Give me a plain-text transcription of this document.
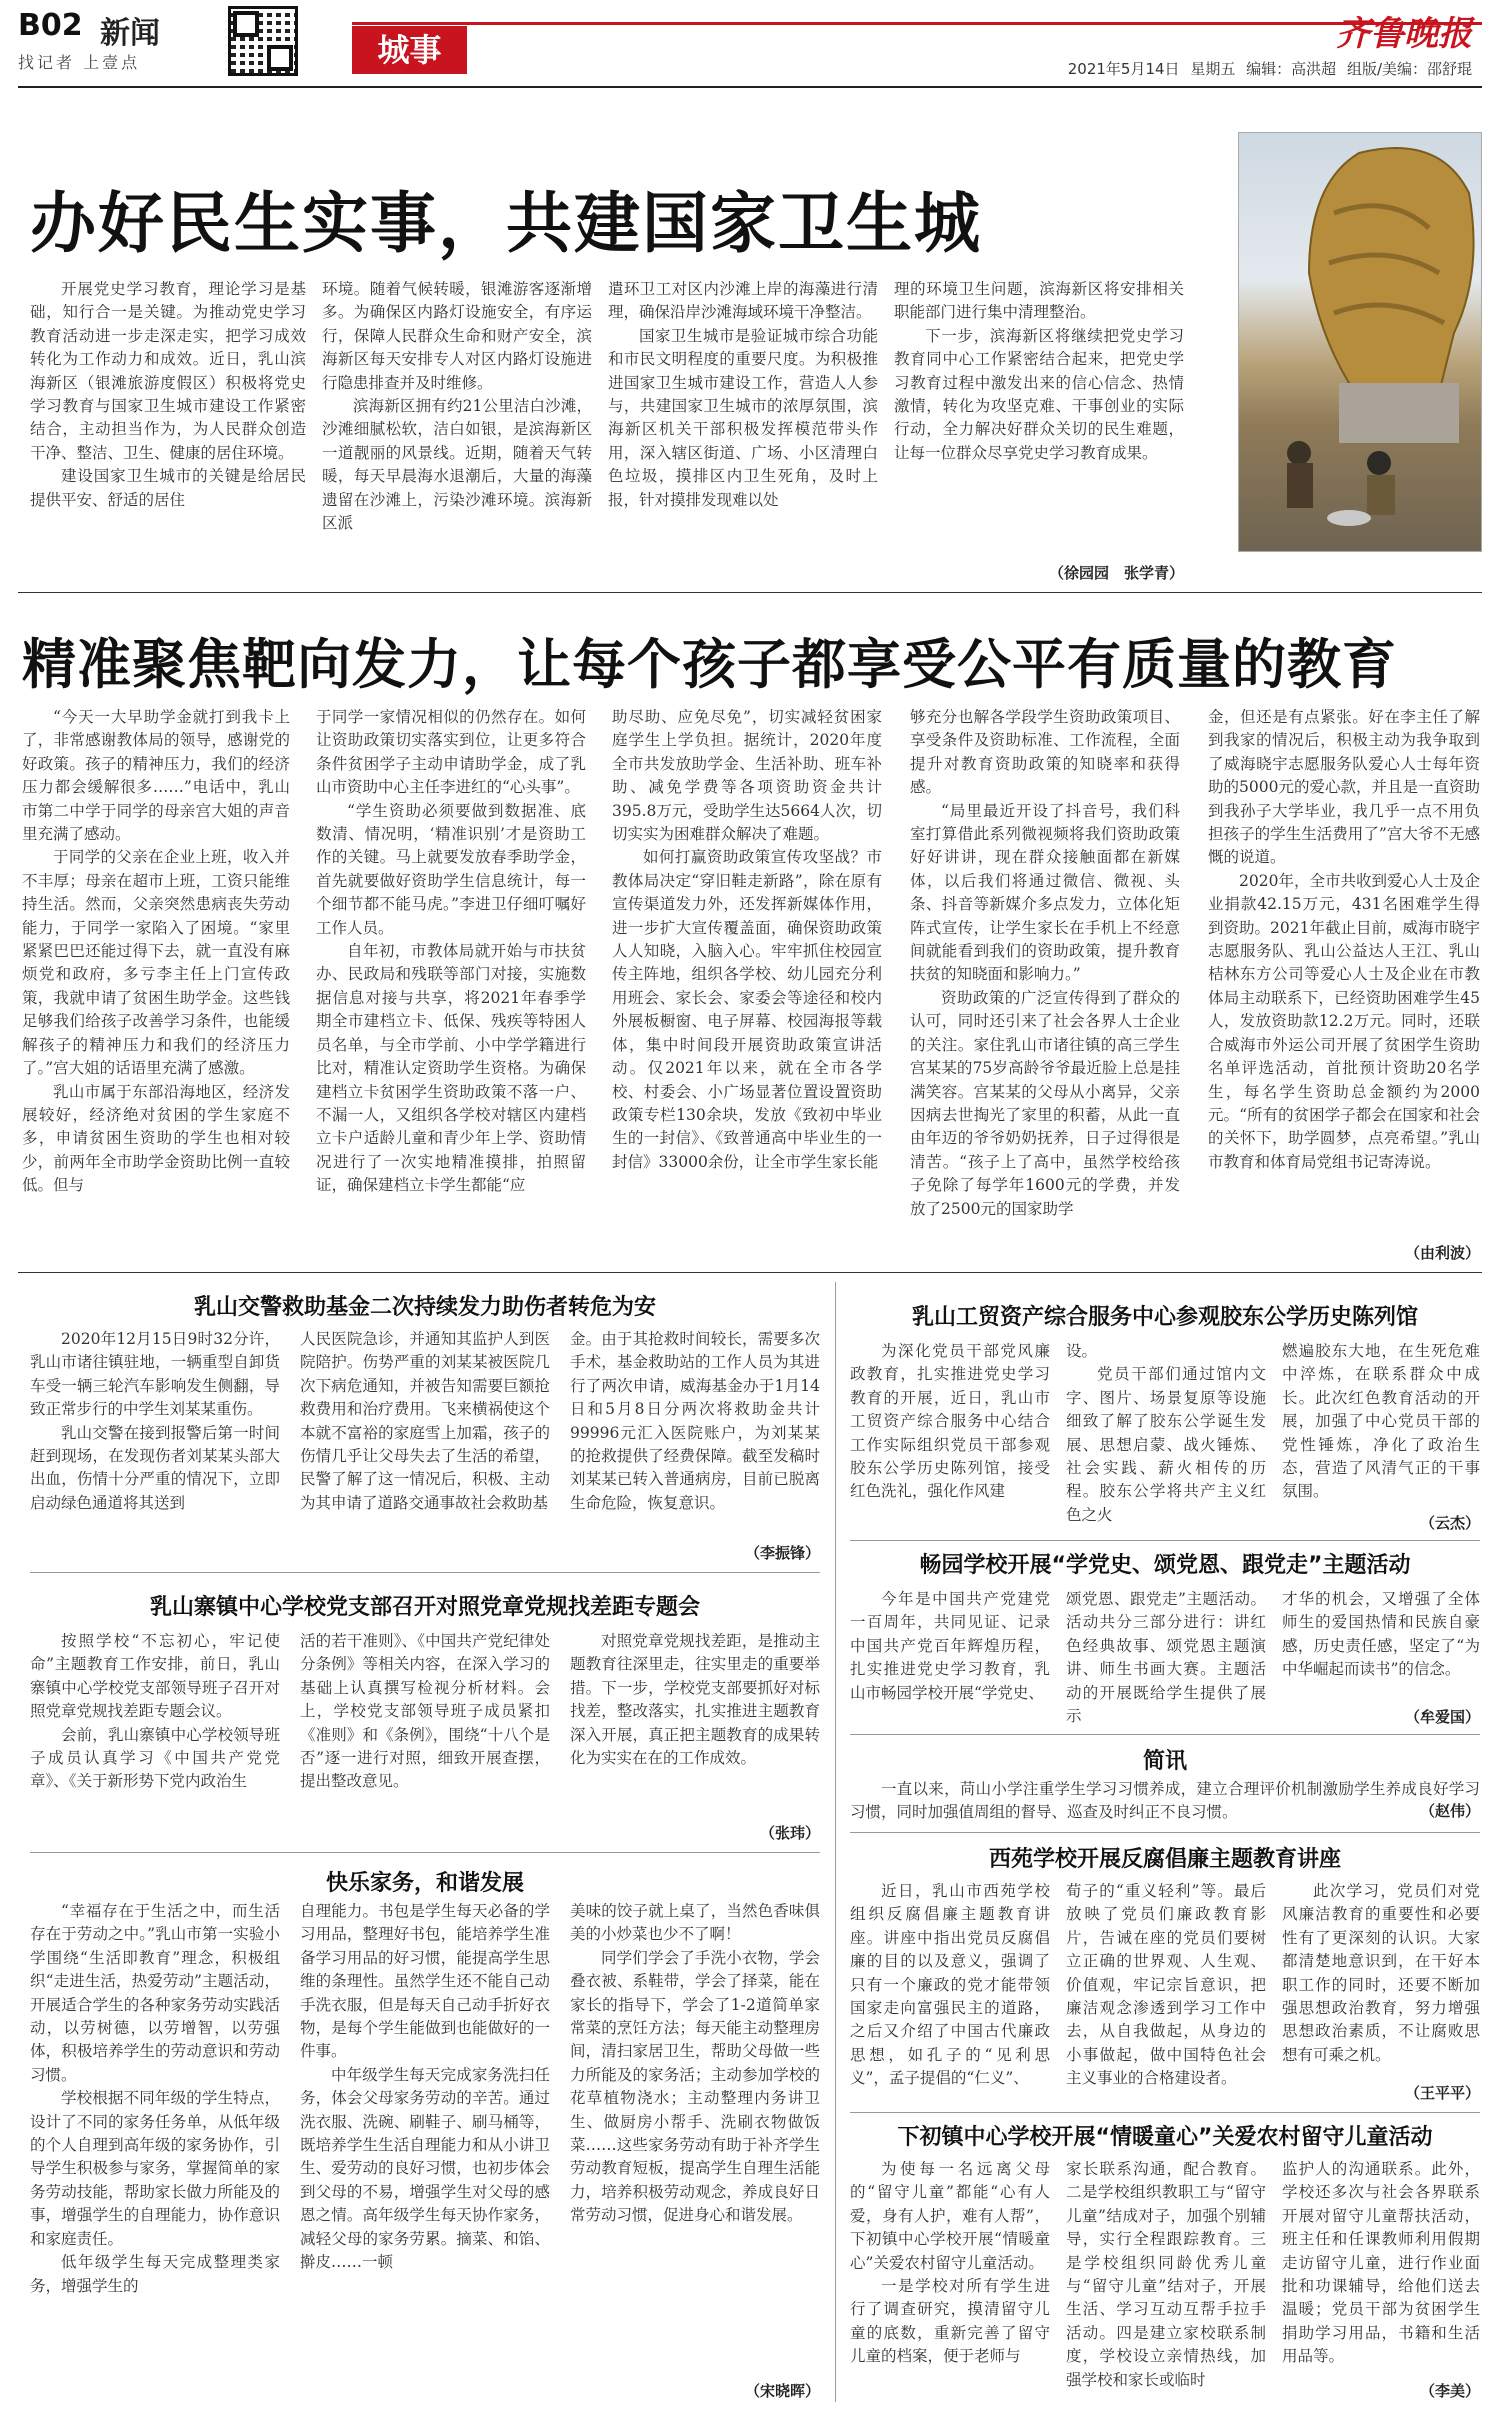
B02 新闻
找记者 上壹点	城事	齐鲁晚报
2021年5月14日 星期五 编辑：高洪超 组版/美编：邵舒琨
办好民生实事，共建国家卫生城

开展党史学习教育，理论学习是基础，知行合一是关键。为推动党史学习教育活动进一步走深走实，把学习成效转化为工作动力和成效。近日，乳山滨海新区（银滩旅游度假区）积极将党史学习教育与国家卫生城市建设工作紧密结合，主动担当作为，为人民群众创造干净、整洁、卫生、健康的居住环境。

建设国家卫生城市的关键是给居民提供平安、舒适的居住

环境。随着气候转暖，银滩游客逐渐增多。为确保区内路灯设施安全，有序运行，保障人民群众生命和财产安全，滨海新区每天安排专人对区内路灯设施进行隐患排查并及时维修。

滨海新区拥有约21公里洁白沙滩，沙滩细腻松软，洁白如银，是滨海新区一道靓丽的风景线。近期，随着天气转暖，每天早晨海水退潮后，大量的海藻遗留在沙滩上，污染沙滩环境。滨海新区派

遣环卫工对区内沙滩上岸的海藻进行清理，确保沿岸沙滩海域环境干净整洁。

国家卫生城市是验证城市综合功能和市民文明程度的重要尺度。为积极推进国家卫生城市建设工作，营造人人参与，共建国家卫生城市的浓厚氛围，滨海新区机关干部积极发挥模范带头作用，深入辖区街道、广场、小区清理白色垃圾，摸排区内卫生死角，及时上报，针对摸排发现难以处

理的环境卫生问题，滨海新区将安排相关职能部门进行集中清理整治。

下一步，滨海新区将继续把党史学习教育同中心工作紧密结合起来，把党史学习教育过程中激发出来的信心信念、热情激情，转化为攻坚克难、干事创业的实际行动，全力解决好群众关切的民生难题，让每一位群众尽享党史学习教育成果。

（徐园园　张学青）
精准聚焦靶向发力，让每个孩子都享受公平有质量的教育

“今天一大早助学金就打到我卡上了，非常感谢教体局的领导，感谢党的好政策。孩子的精神压力，我们的经济压力都会缓解很多……”电话中，乳山市第二中学于同学的母亲宫大姐的声音里充满了感动。

于同学的父亲在企业上班，收入并不丰厚；母亲在超市上班，工资只能维持生活。然而，父亲突然患病丧失劳动能力，于同学一家陷入了困境。“家里紧紧巴巴还能过得下去，就一直没有麻烦党和政府，多亏李主任上门宣传政策，我就申请了贫困生助学金。这些钱足够我们给孩子改善学习条件，也能缓解孩子的精神压力和我们的经济压力了。”宫大姐的话语里充满了感激。

乳山市属于东部沿海地区，经济发展较好，经济绝对贫困的学生家庭不多，申请贫困生资助的学生也相对较少，前两年全市助学金资助比例一直较低。但与

于同学一家情况相似的仍然存在。如何让资助政策切实落实到位，让更多符合条件贫困学子主动申请助学金，成了乳山市资助中心主任李进红的“心头事”。

“学生资助必须要做到数据准、底数清、情况明，‘精准识别’才是资助工作的关键。马上就要发放春季助学金，首先就要做好资助学生信息统计，每一个细节都不能马虎。”李进卫仔细叮嘱好工作人员。

自年初，市教体局就开始与市扶贫办、民政局和残联等部门对接，实施数据信息对接与共享，将2021年春季学期全市建档立卡、低保、残疾等特困人员名单，与全市学前、小中学学籍进行比对，精准认定资助学生资格。为确保建档立卡贫困学生资助政策不落一户、不漏一人，又组织各学校对辖区内建档立卡户适龄儿童和青少年上学、资助情况进行了一次实地精准摸排，拍照留证，确保建档立卡学生都能“应

助尽助、应免尽免”，切实减轻贫困家庭学生上学负担。据统计，2020年度全市共发放助学金、生活补助、班车补助、减免学费等各项资助资金共计395.8万元，受助学生达5664人次，切切实实为困难群众解决了难题。

如何打赢资助政策宣传攻坚战？市教体局决定“穿旧鞋走新路”，除在原有宣传渠道发力外，还发挥新媒体作用，进一步扩大宣传覆盖面，确保资助政策人人知晓，入脑入心。牢牢抓住校园宣传主阵地，组织各学校、幼儿园充分利用班会、家长会、家委会等途径和校内外展板橱窗、电子屏幕、校园海报等载体，集中时间段开展资助政策宣讲活动。仅2021年以来，就在全市各学校、村委会、小广场显著位置设置资助政策专栏130余块，发放《致初中毕业生的一封信》、《致普通高中毕业生的一封信》33000余份，让全市学生家长能

够充分也解各学段学生资助政策项目、享受条件及资助标准、工作流程，全面提升对教育资助政策的知晓率和获得感。

“局里最近开设了抖音号，我们科室打算借此系列微视频将我们资助政策好好讲讲，现在群众接触面都在新媒体，以后我们将通过微信、微视、头条、抖音等新媒介多点发力，立体化矩阵式宣传，让学生家长在手机上不经意间就能看到我们的资助政策，提升教育扶贫的知晓面和影响力。”

资助政策的广泛宣传得到了群众的认可，同时还引来了社会各界人士企业的关注。家住乳山市诸往镇的高三学生宫某某的75岁高龄爷爷最近脸上总是挂满笑容。宫某某的父母从小离异，父亲因病去世掏光了家里的积蓄，从此一直由年迈的爷爷奶奶抚养，日子过得很是清苦。“孩子上了高中，虽然学校给孩子免除了每学年1600元的学费，并发放了2500元的国家助学

金，但还是有点紧张。好在李主任了解到我家的情况后，积极主动为我争取到了威海晓宇志愿服务队爱心人士每年资助的5000元的爱心款，并且是一直资助到我孙子大学毕业，我几乎一点不用负担孩子的学生生活费用了”宫大爷不无感慨的说道。

2020年，全市共收到爱心人士及企业捐款42.15万元，431名困难学生得到资助。2021年截止目前，威海市晓宇志愿服务队、乳山公益达人王江、乳山桔林东方公司等爱心人士及企业在市教体局主动联系下，已经资助困难学生45人，发放资助款12.2万元。同时，还联合威海市外运公司开展了贫困学生资助名单评选活动，首批预计资助20名学生，每名学生资助总金额约为2000元。“所有的贫困学子都会在国家和社会的关怀下，助学圆梦，点亮希望。”乳山市教育和体育局党组书记寄涛说。

（由利波）
乳山交警救助基金二次持续发力助伤者转危为安

2020年12月15日9时32分许，乳山市诸往镇驻地，一辆重型自卸货车受一辆三轮汽车影响发生侧翻，导致正常步行的中学生刘某某重伤。

乳山交警在接到报警后第一时间赶到现场，在发现伤者刘某某头部大出血，伤情十分严重的情况下，立即启动绿色通道将其送到

人民医院急诊，并通知其监护人到医院陪护。伤势严重的刘某某被医院几次下病危通知，并被告知需要巨额抢救费用和治疗费用。飞来横祸使这个本就不富裕的家庭雪上加霜，孩子的伤情几乎让父母失去了生活的希望，民警了解了这一情况后，积极、主动为其申请了道路交通事故社会救助基

金。由于其抢救时间较长，需要多次手术，基金救助站的工作人员为其进行了两次申请，威海基金办于1月14日和5月8日分两次将救助金共计99996元汇入医院账户，为刘某某的抢救提供了经费保障。截至发稿时刘某某已转入普通病房，目前已脱离生命危险，恢复意识。

（李振锋）
乳山寨镇中心学校党支部召开对照党章党规找差距专题会

按照学校“不忘初心，牢记使命”主题教育工作安排，前日，乳山寨镇中心学校党支部领导班子召开对照党章党规找差距专题会议。

会前，乳山寨镇中心学校领导班子成员认真学习《中国共产党党章》、《关于新形势下党内政治生

活的若干准则》、《中国共产党纪律处分条例》等相关内容，在深入学习的基础上认真撰写检视分析材料。会上，学校党支部领导班子成员紧扣《准则》和《条例》，围绕“十八个是否”逐一进行对照，细致开展查摆，提出整改意见。

对照党章党规找差距，是推动主题教育往深里走，往实里走的重要举措。下一步，学校党支部要抓好对标找差，整改落实，扎实推进主题教育深入开展，真正把主题教育的成果转化为实实在在的工作成效。

（张玮）
快乐家务，和谐发展

“幸福存在于生活之中，而生活存在于劳动之中。”乳山市第一实验小学围绕“生活即教育”理念，积极组织“走进生活，热爱劳动”主题活动，开展适合学生的各种家务劳动实践活动，以劳树德，以劳增智，以劳强体，积极培养学生的劳动意识和劳动习惯。

学校根据不同年级的学生特点，设计了不同的家务任务单，从低年级的个人自理到高年级的家务协作，引导学生积极参与家务，掌握简单的家务劳动技能，帮助家长做力所能及的事，增强学生的自理能力，协作意识和家庭责任。

低年级学生每天完成整理类家务，增强学生的

自理能力。书包是学生每天必备的学习用品，整理好书包，能培养学生准备学习用品的好习惯，能提高学生思维的条理性。虽然学生还不能自己动手洗衣服，但是每天自己动手折好衣物，是每个学生能做到也能做好的一件事。

中年级学生每天完成家务洗扫任务，体会父母家务劳动的辛苦。通过洗衣服、洗碗、刷鞋子、刷马桶等，既培养学生生活自理能力和从小讲卫生、爱劳动的良好习惯，也初步体会到父母的不易，增强学生对父母的感恩之情。高年级学生每天协作家务，减轻父母的家务劳累。摘菜、和馅、擀皮……一顿

美味的饺子就上桌了，当然色香味俱美的小炒菜也少不了啊！

同学们学会了手洗小衣物，学会叠衣被、系鞋带，学会了择菜，能在家长的指导下，学会了1-2道简单家常菜的烹饪方法；每天能主动整理房间，清扫家居卫生，帮助父母做一些力所能及的家务活；主动参加学校的花草植物浇水；主动整理内务讲卫生、做厨房小帮手、洗刷衣物做饭菜……这些家务劳动有助于补齐学生劳动教育短板，提高学生自理生活能力，培养积极劳动观念，养成良好日常劳动习惯，促进身心和谐发展。

（宋晓晖）
乳山工贸资产综合服务中心参观胶东公学历史陈列馆

为深化党员干部党风廉政教育，扎实推进党史学习教育的开展，近日，乳山市工贸资产综合服务中心结合工作实际组织党员干部参观胶东公学历史陈列馆，接受红色洗礼，强化作风建

设。

党员干部们通过馆内文字、图片、场景复原等设施细致了解了胶东公学诞生发展、思想启蒙、战火锤炼、社会实践、薪火相传的历程。胶东公学将共产主义红色之火

燃遍胶东大地，在生死危难中淬炼，在联系群众中成长。此次红色教育活动的开展，加强了中心党员干部的党性锤炼，净化了政治生态，营造了风清气正的干事氛围。

（云杰）
畅园学校开展“学党史、颂党恩、跟党走”主题活动

今年是中国共产党建党一百周年，共同见证、记录中国共产党百年辉煌历程，扎实推进党史学习教育，乳山市畅园学校开展“学党史、

颂党恩、跟党走”主题活动。活动共分三部分进行：讲红色经典故事、颂党恩主题演讲、师生书画大赛。主题活动的开展既给学生提供了展示

才华的机会，又增强了全体师生的爱国热情和民族自豪感，历史责任感，坚定了“为中华崛起而读书”的信念。

（牟爱国）
简讯

一直以来，苘山小学注重学生学习习惯养成，建立合理评价机制激励学生养成良好学习习惯，同时加强值周组的督导、巡查及时纠正不良习惯。	（赵伟）
西苑学校开展反腐倡廉主题教育讲座

近日，乳山市西苑学校组织反腐倡廉主题教育讲座。讲座中指出党员反腐倡廉的目的以及意义，强调了只有一个廉政的党才能带领国家走向富强民主的道路，之后又介绍了中国古代廉政思想，如孔子的“见利思义”，孟子提倡的“仁义”、

荀子的“重义轻利”等。最后放映了党员们廉政教育影片，告诫在座的党员们要树立正确的世界观、人生观、价值观，牢记宗旨意识，把廉洁观念渗透到学习工作中去，从自我做起，从身边的小事做起，做中国特色社会主义事业的合格建设者。

此次学习，党员们对党风廉洁教育的重要性和必要性有了更深刻的认识。大家都清楚地意识到，在干好本职工作的同时，还要不断加强思想政治教育，努力增强思想政治素质，不让腐败思想有可乘之机。

（王平平）
下初镇中心学校开展“情暖童心”关爱农村留守儿童活动

为使每一名远离父母的“留守儿童”都能“心有人爱，身有人护，难有人帮”，下初镇中心学校开展“情暖童心”关爱农村留守儿童活动。

一是学校对所有学生进行了调查研究，摸清留守儿童的底数，重新完善了留守儿童的档案，便于老师与

家长联系沟通，配合教育。二是学校组织教职工与“留守儿童”结成对子，加强个别辅导，实行全程跟踪教育。三是学校组织同龄优秀儿童与“留守儿童”结对子，开展生活、学习互动互帮手拉手活动。四是建立家校联系制度，学校设立亲情热线，加强学校和家长或临时

监护人的沟通联系。此外，学校还多次与社会各界联系开展对留守儿童帮扶活动，班主任和任课教师利用假期走访留守儿童，进行作业面批和功课辅导，给他们送去温暖；党员干部为贫困学生捐助学习用品，书籍和生活用品等。

（李美）
